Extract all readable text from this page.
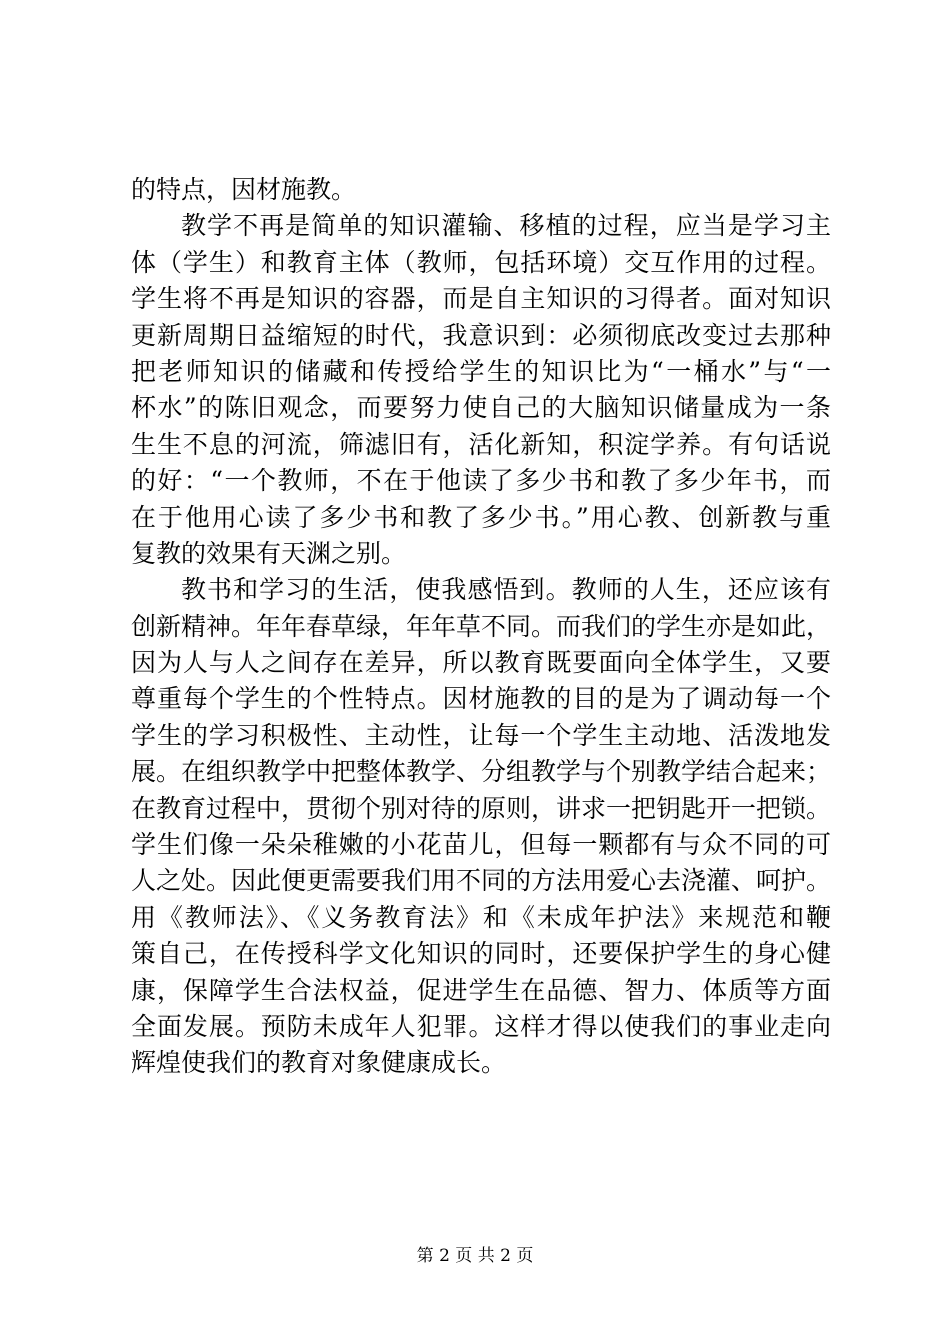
的特点，因材施教。
教学不再是简单的知识灌输、移植的过程，应当是学习主
体（学生）和教育主体（教师，包括环境）交互作用的过程。
学生将不再是知识的容器，而是自主知识的习得者。面对知识
更新周期日益缩短的时代，我意识到：必须彻底改变过去那种
把老师知识的储藏和传授给学生的知识比为“一桶水”与“一
杯水”的陈旧观念，而要努力使自己的大脑知识储量成为一条
生生不息的河流，筛滤旧有，活化新知，积淀学养。有句话说
的好：“一个教师，不在于他读了多少书和教了多少年书，而
在于他用心读了多少书和教了多少书。”用心教、创新教与重
复教的效果有天渊之别。
教书和学习的生活，使我感悟到。教师的人生，还应该有
创新精神。年年春草绿，年年草不同。而我们的学生亦是如此，
因为人与人之间存在差异，所以教育既要面向全体学生，又要
尊重每个学生的个性特点。因材施教的目的是为了调动每一个
学生的学习积极性、主动性，让每一个学生主动地、活泼地发
展。在组织教学中把整体教学、分组教学与个别教学结合起来；
在教育过程中，贯彻个别对待的原则，讲求一把钥匙开一把锁。
学生们像一朵朵稚嫩的小花苗儿，但每一颗都有与众不同的可
人之处。因此便更需要我们用不同的方法用爱心去浇灌、呵护。
用《教师法》、《义务教育法》和《未成年护法》来规范和鞭
策自己，在传授科学文化知识的同时，还要保护学生的身心健
康，保障学生合法权益，促进学生在品德、智力、体质等方面
全面发展。预防未成年人犯罪。这样才得以使我们的事业走向
辉煌使我们的教育对象健康成长。
第 2 页 共 2 页
